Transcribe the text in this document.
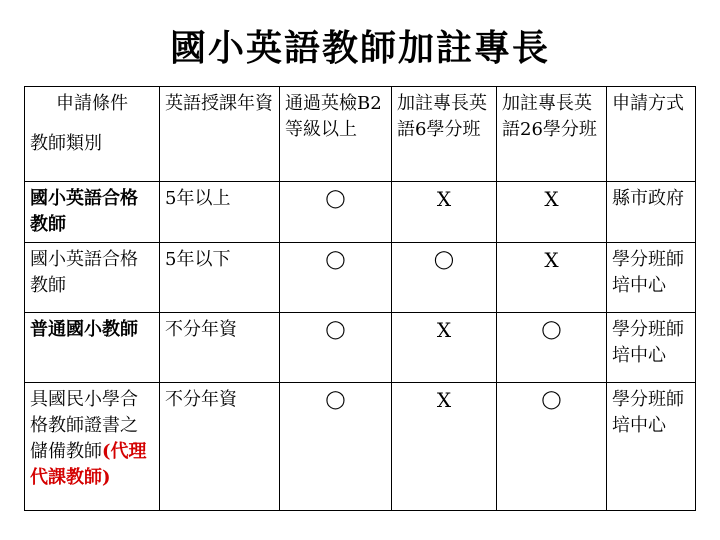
國小英語教師加註專長
申請條件
教師類別	英語授課年資	通過英檢B2等級以上	加註專長英語6學分班	加註專長英語26學分班	申請方式
國小英語合格教師	5年以上	◯	X	X	縣市政府
國小英語合格教師	5年以下	◯	◯	X	學分班師培中心
普通國小教師	不分年資	◯	X	◯	學分班師培中心
具國民小學合格教師證書之儲備教師(代理代課教師)	不分年資	◯	X	◯	學分班師培中心
